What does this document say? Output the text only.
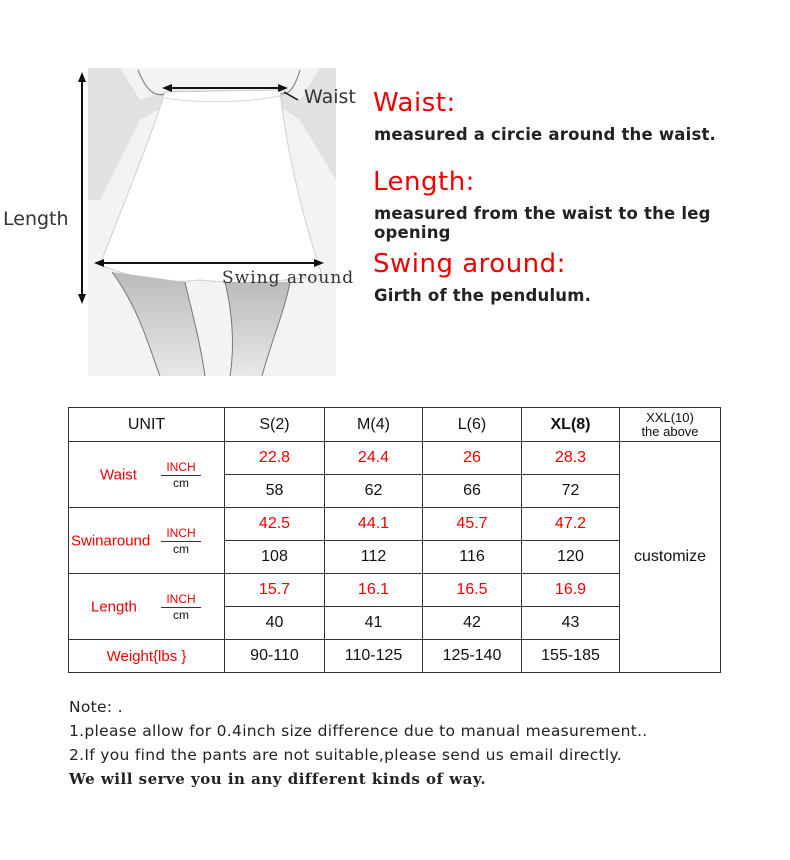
Waist
Length
Swing around
Waist:
measured a circie around the waist.
Length:
measured from the waist to the leg opening
Swing around:
Girth of the pendulum.
UNIT	S(2)	M(4)	L(6)	XL(8)	XXL(10)
the above

Waist INCH
cm	22.8	24.4	26	28.3	customize
	58	62	66	72	

Swinaround INCH
cm	42.5	44.1	45.7	47.2	
	108	112	116	120	

Length INCH
cm	15.7	16.1	16.5	16.9	
	40	41	42	43	
Weight{lbs }	90-110	110-125	125-140	155-185	
Note: .
1.please allow for 0.4inch size difference due to manual measurement..
2.If you find the pants are not suitable,please send us email directly.
We will serve you in any different kinds of way.
